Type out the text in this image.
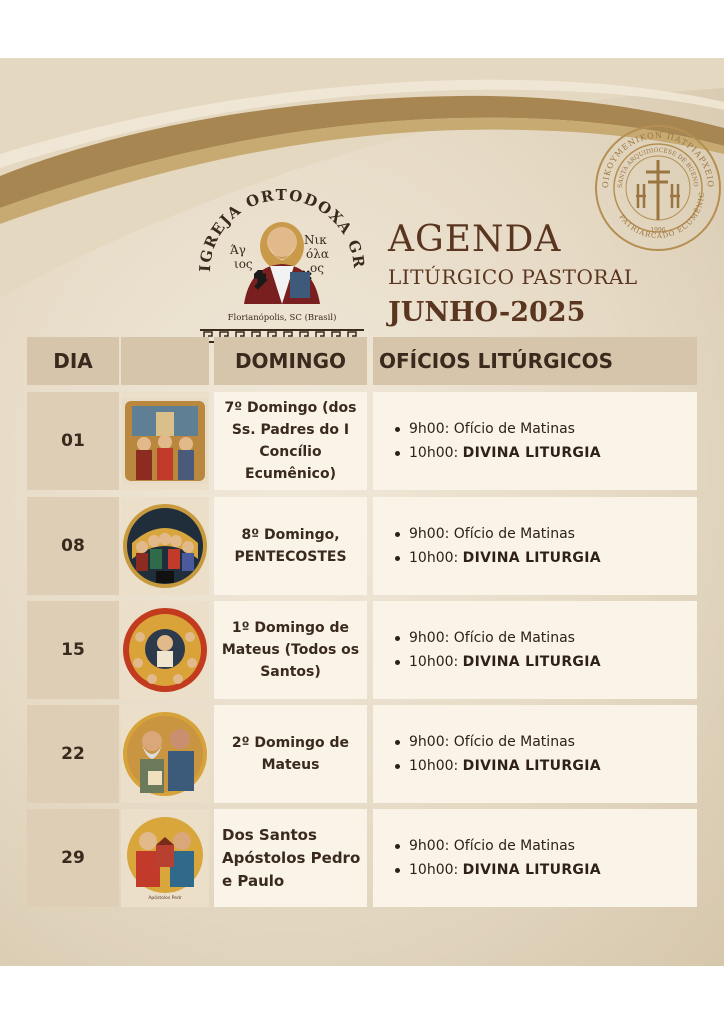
IGREJA ORTODOXA GR
Άγ
ιος
Νικ
όλα
ος
Florianópolis, SC (Brasil)
AGENDA
LITÚRGICO PASTORAL
JUNHO-2025
ΟΙΚΟΥΜΕΝΙΚΟΝ ΠΑΤΡΙΑΡΧΕΙΟ
SANTA ARQUIDIOCESE DE BUENO
PATRIARCADO ECUMÊNIC
1996
DIA	DOMINGO OFÍCIOS LITÚRGICOS
01
7º Domingo (dos Ss. Padres do I Concílio Ecumênico)
9h00: Ofício de Matinas
10h00:
DIVINA LITURGIA
08
8º Domingo, PENTECOSTES
9h00: Ofício de Matinas
10h00:
DIVINA LITURGIA
15
1º Domingo de Mateus (Todos os Santos)
9h00: Ofício de Matinas
10h00:
DIVINA LITURGIA
22
2º Domingo de Mateus
9h00: Ofício de Matinas
10h00:
DIVINA LITURGIA
29
Apóstolos Pedr
Dos Santos Apóstolos Pedro e Paulo
9h00: Ofício de Matinas
10h00:
DIVINA LITURGIA
